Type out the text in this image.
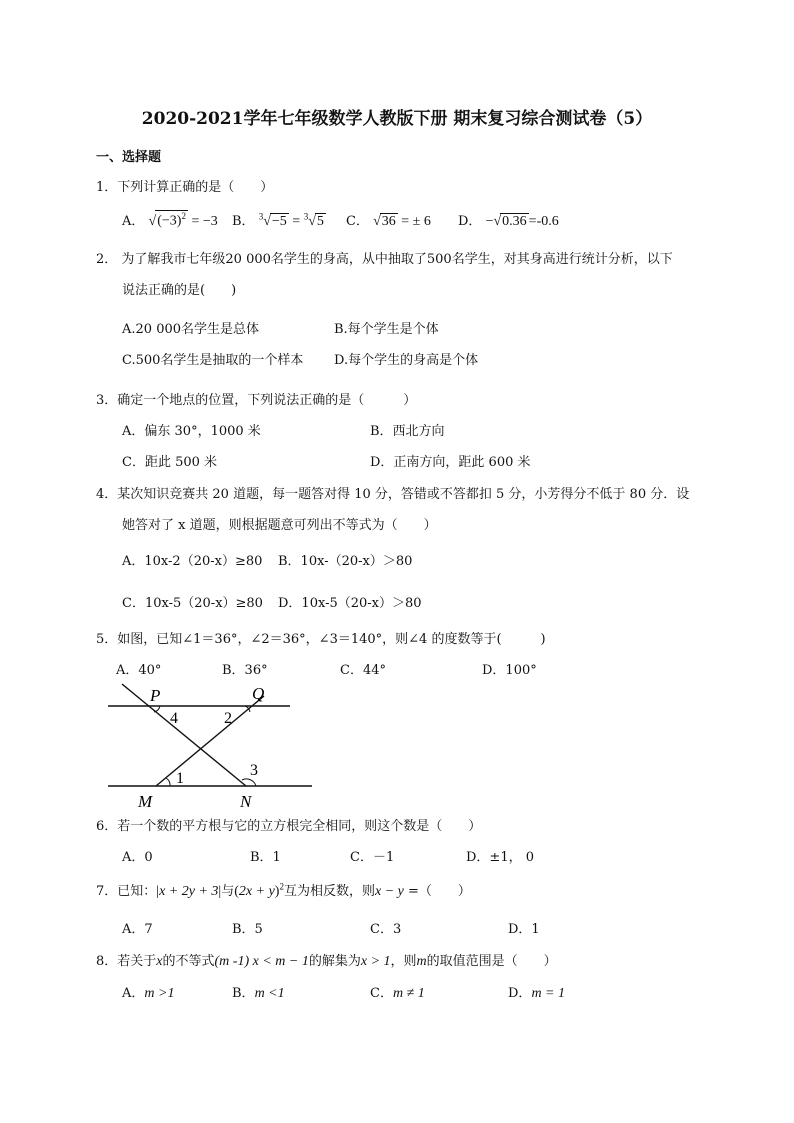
2020-2021学年七年级数学人教版下册 期末复习综合测试卷（5）
一、选择题
1．下列计算正确的是（　　）
A． $√(-3)^2 = -3$ B． $^3$√−5 = $^3$√5 C． √36 = ± 6 D． −√0.36 =-0.6
2． 为了解我市七年级20 000名学生的身高，从中抽取了500名学生，对其身高进行统计分析，以下
说法正确的是(　　)
A.20 000名学生是总体	B.每个学生是个体
C.500名学生是抽取的一个样本 D.每个学生的身高是个体
3．确定一个地点的位置，下列说法正确的是（　　　）
A．偏东 30°，1000 米	B．西北方向
C．距此 500 米	D．正南方向，距此 600 米
4．某次知识竞赛共 20 道题，每一题答对得 10 分，答错或不答都扣 5 分，小芳得分不低于 80 分．设
她答对了 x 道题，则根据题意可列出不等式为（　　）
A．10x-2（20-x）≥80 B．10x-（20-x）＞80
C．10x-5（20-x）≥80 D．10x-5（20-x）＞80
5．如图，已知∠1＝36°，∠2＝36°，∠3＝140°，则∠4 的度数等于(　　　)
A．40°	B．36°	C．44°	D．100°
P	Q
M	N
4	2
1	3
6．若一个数的平方根与它的立方根完全相同，则这个数是（　　）
A．0	B．1	C．－1	D．±1， 0
7．已知：|x + 2y + 3|与$(2x + y)^2$互为相反数，则x − y =（　　）
A．7	B．5	C．3	D．1
8．若关于x的不等式(m -1) x < m − 1的解集为x > 1，则m的取值范围是（　　）
A．m >1	B．m <1	C．m ≠ 1	D．m = 1
